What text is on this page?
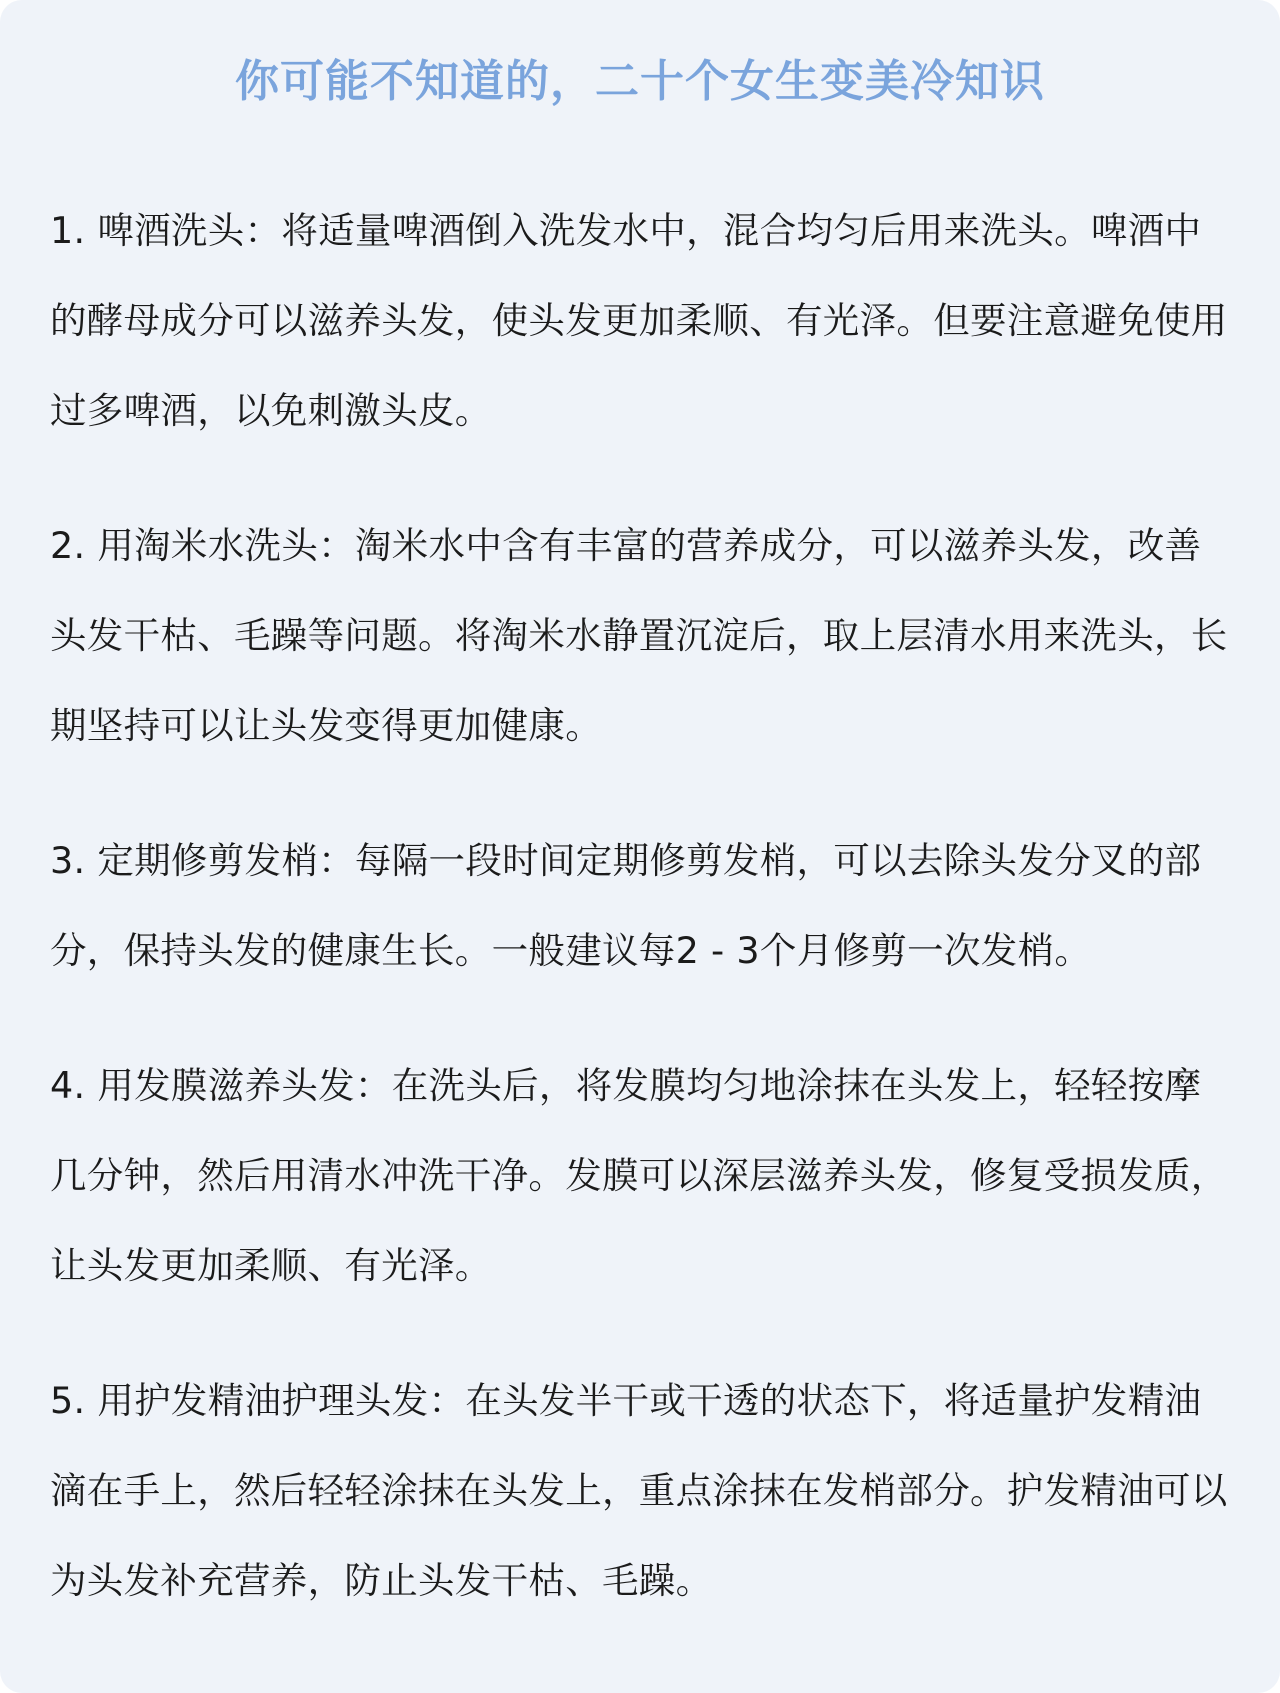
你可能不知道的，二十个女生变美冷知识

1. 啤酒洗头：将适量啤酒倒入洗发水中，混合均匀后用来洗头。啤酒中的酵母成分可以滋养头发，使头发更加柔顺、有光泽。但要注意避免使用过多啤酒，以免刺激头皮。

2. 用淘米水洗头：淘米水中含有丰富的营养成分，可以滋养头发，改善头发干枯、毛躁等问题。将淘米水静置沉淀后，取上层清水用来洗头，长期坚持可以让头发变得更加健康。

3. 定期修剪发梢：每隔一段时间定期修剪发梢，可以去除头发分叉的部分，保持头发的健康生长。一般建议每2 - 3个月修剪一次发梢。

4. 用发膜滋养头发：在洗头后，将发膜均匀地涂抹在头发上，轻轻按摩几分钟，然后用清水冲洗干净。发膜可以深层滋养头发，修复受损发质，让头发更加柔顺、有光泽。

5. 用护发精油护理头发：在头发半干或干透的状态下，将适量护发精油滴在手上，然后轻轻涂抹在头发上，重点涂抹在发梢部分。护发精油可以为头发补充营养，防止头发干枯、毛躁。
